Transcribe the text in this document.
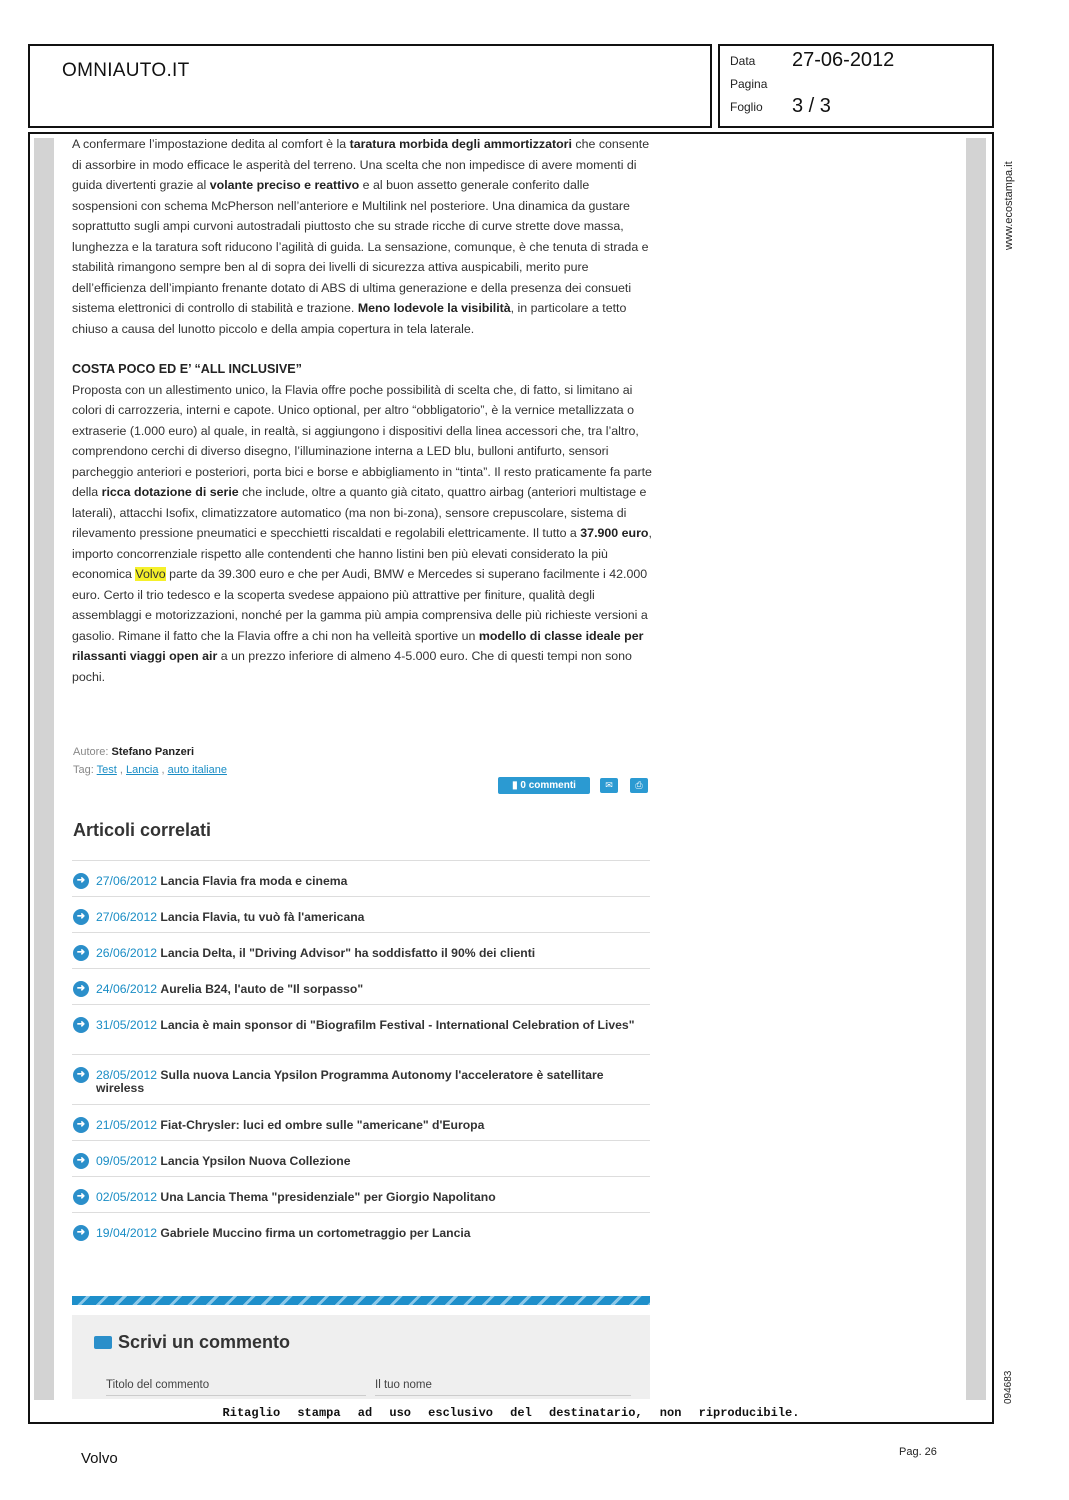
OMNIAUTO.IT	Data 27-06-2012
Pagina
Foglio 3 / 3
www.ecostampa.it
094683

A confermare l’impostazione dedita al comfort è la taratura morbida degli ammortizzatori che consente di assorbire in modo efficace le asperità del terreno. Una scelta che non impedisce di avere momenti di guida divertenti grazie al volante preciso e reattivo e al buon assetto generale conferito dalle sospensioni con schema McPherson nell’anteriore e Multilink nel posteriore. Una dinamica da gustare soprattutto sugli ampi curvoni autostradali piuttosto che su strade ricche di curve strette dove massa, lunghezza e la taratura soft riducono l’agilità di guida. La sensazione, comunque, è che tenuta di strada e stabilità rimangono sempre ben al di sopra dei livelli di sicurezza attiva auspicabili, merito pure dell’efficienza dell’impianto frenante dotato di ABS di ultima generazione e della presenza dei consueti sistema elettronici di controllo di stabilità e trazione. Meno lodevole la visibilità, in particolare a tetto chiuso a causa del lunotto piccolo e della ampia copertura in tela laterale.

COSTA POCO ED E’ “ALL INCLUSIVE”

Proposta con un allestimento unico, la Flavia offre poche possibilità di scelta che, di fatto, si limitano ai colori di carrozzeria, interni e capote. Unico optional, per altro “obbligatorio”, è la vernice metallizzata o extraserie (1.000 euro) al quale, in realtà, si aggiungono i dispositivi della linea accessori che, tra l’altro, comprendono cerchi di diverso disegno, l’illuminazione interna a LED blu, bulloni antifurto, sensori parcheggio anteriori e posteriori, porta bici e borse e abbigliamento in “tinta”. Il resto praticamente fa parte della ricca dotazione di serie che include, oltre a quanto già citato, quattro airbag (anteriori multistage e laterali), attacchi Isofix, climatizzatore automatico (ma non bi-zona), sensore crepuscolare, sistema di rilevamento pressione pneumatici e specchietti riscaldati e regolabili elettricamente. Il tutto a 37.900 euro, importo concorrenziale rispetto alle contendenti che hanno listini ben più elevati considerato la più economica Volvo parte da 39.300 euro e che per Audi, BMW e Mercedes si superano facilmente i 42.000 euro. Certo il trio tedesco e la scoperta svedese appaiono più attrattive per finiture, qualità degli assemblaggi e motorizzazioni, nonché per la gamma più ampia comprensiva delle più richieste versioni a gasolio. Rimane il fatto che la Flavia offre a chi non ha velleità sportive un modello di classe ideale per rilassanti viaggi open air a un prezzo inferiore di almeno 4-5.000 euro. Che di questi tempi non sono pochi.

Autore: Stefano Panzeri
Tag: Test , Lancia , auto italiane
▮ 0 commenti	✉	⎙
Articoli correlati
➜ 27/06/2012 Lancia Flavia fra moda e cinema
➜ 27/06/2012 Lancia Flavia, tu vuò fà l'americana
➜ 26/06/2012 Lancia Delta, il "Driving Advisor" ha soddisfatto il 90% dei clienti
➜ 24/06/2012 Aurelia B24, l'auto de "Il sorpasso"
➜ 31/05/2012 Lancia è main sponsor di "Biografilm Festival - International Celebration of Lives"
➜ 28/05/2012 Sulla nuova Lancia Ypsilon Programma Autonomy l'acceleratore è satellitare wireless
➜ 21/05/2012 Fiat-Chrysler: luci ed ombre sulle "americane" d'Europa
➜ 09/05/2012 Lancia Ypsilon Nuova Collezione
➜ 02/05/2012 Una Lancia Thema "presidenziale" per Giorgio Napolitano
➜ 19/04/2012 Gabriele Muccino firma un cortometraggio per Lancia
Scrivi un commento
Titolo del commento	Il tuo nome
Ritaglio stampa ad uso esclusivo del destinatario, non riproducibile.
Volvo	Pag. 26
